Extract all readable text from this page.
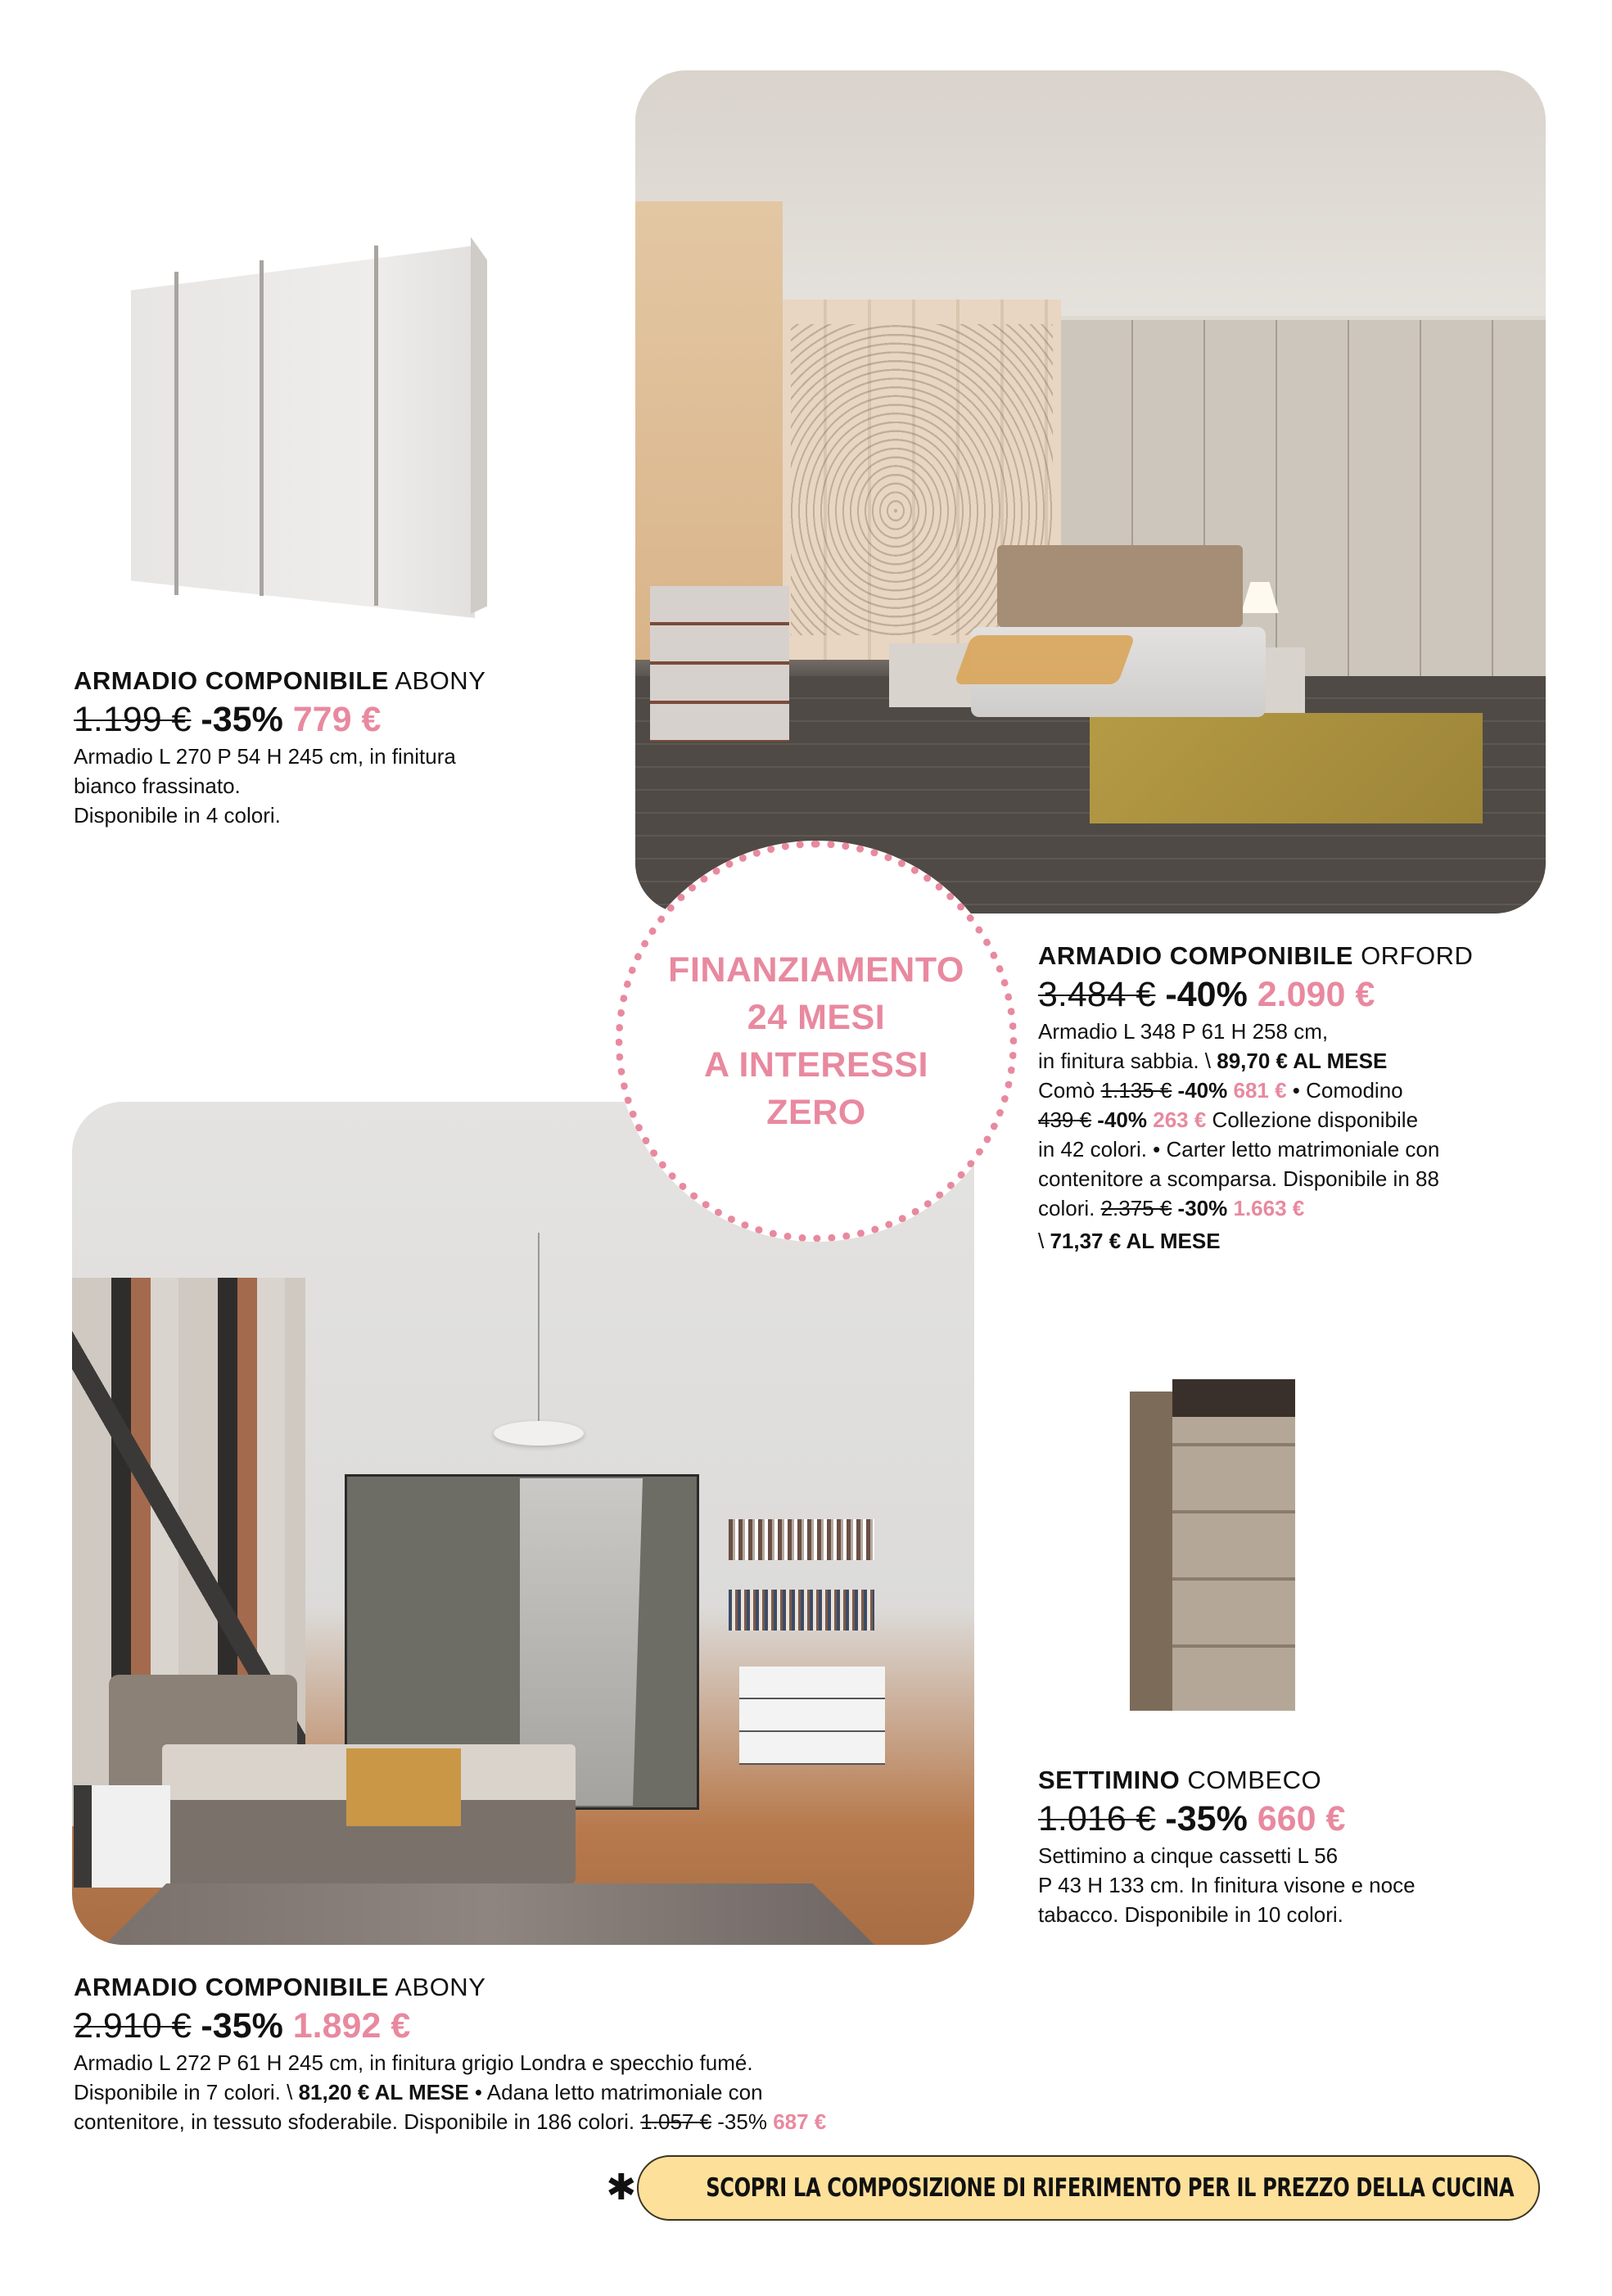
ARMADIO COMPONIBILE ABONY
1.199 € -35% 779 €
Armadio L 270 P 54 H 245 cm, in finitura
bianco frassinato.
Disponibile in 4 colori.
FINANZIAMENTO
24 MESI
A INTERESSI
ZERO
ARMADIO COMPONIBILE ORFORD
3.484 € -40% 2.090 €
Armadio L 348 P 61 H 258 cm,
in finitura sabbia. \ 89,70 € AL MESE
Comò 1.135 € -40% 681 € • Comodino
439 € -40% 263 € Collezione disponibile
in 42 colori. • Carter letto matrimoniale con
contenitore a scomparsa. Disponibile in 88
colori. 2.375 € -30% 1.663 €
\ 71,37 € AL MESE
SETTIMINO COMBECO
1.016 € -35% 660 €
Settimino a cinque cassetti L 56
P 43 H 133 cm. In finitura visone e noce
tabacco. Disponibile in 10 colori.
ARMADIO COMPONIBILE ABONY
2.910 € -35% 1.892 €
Armadio L 272 P 61 H 245 cm, in finitura grigio Londra e specchio fumé.
Disponibile in 7 colori. \ 81,20 € AL MESE • Adana letto matrimoniale con
contenitore, in tessuto sfoderabile. Disponibile in 186 colori. 1.057 € -35% 687 €
✱	SCOPRI LA COMPOSIZIONE DI RIFERIMENTO PER IL PREZZO DELLA CUCINA
